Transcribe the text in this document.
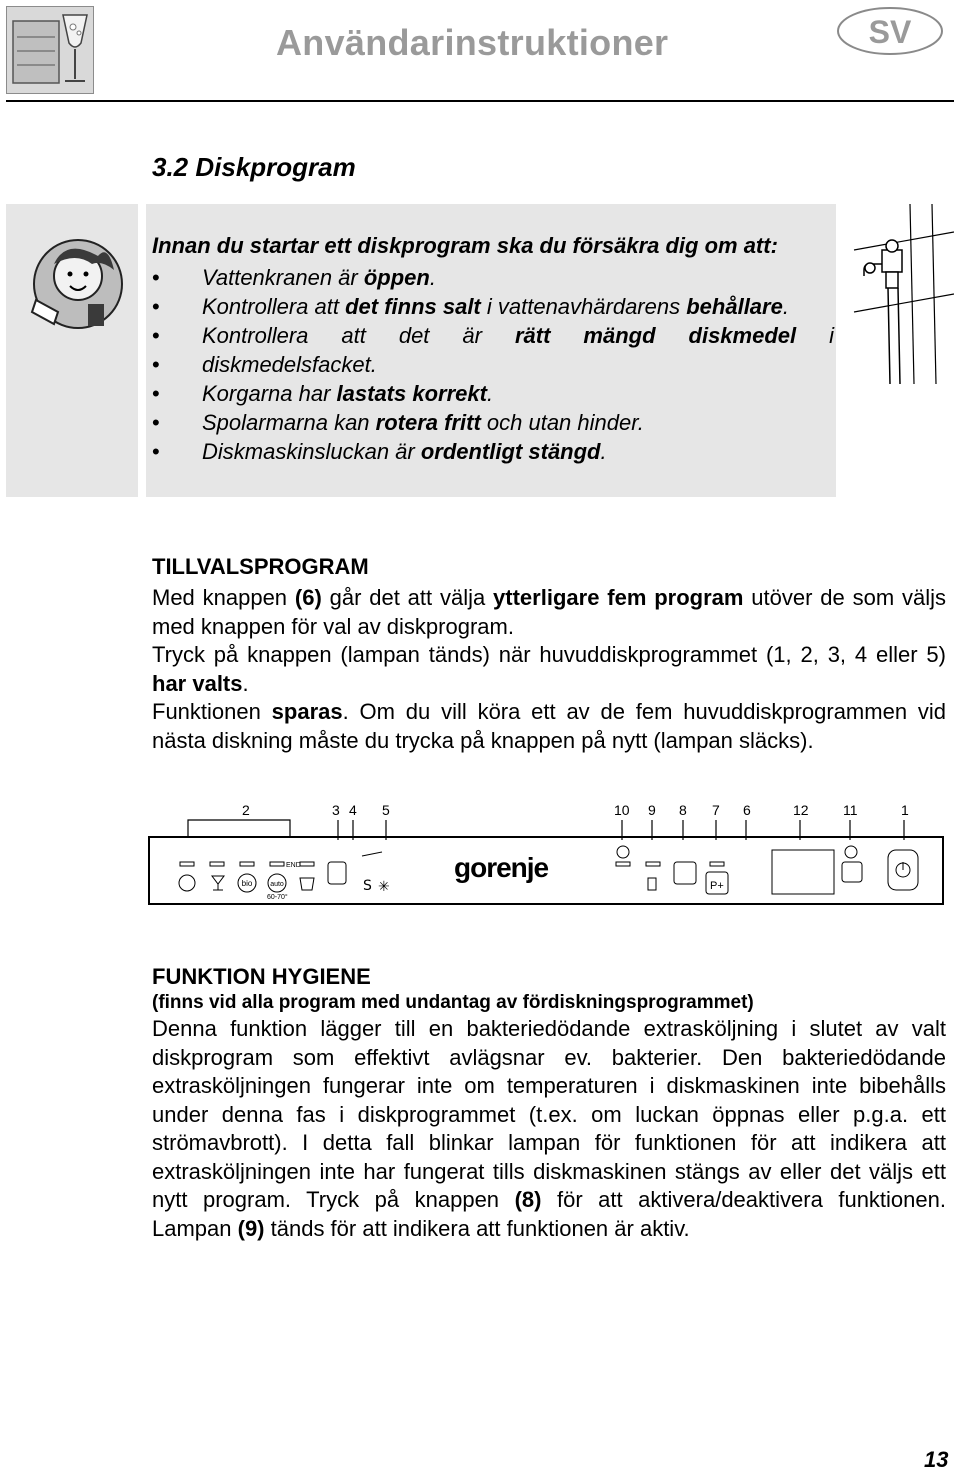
Användarinstruktioner	SV
3.2 Diskprogram
Innan du startar ett diskprogram ska du försäkra dig om att:
• Vattenkranen är öppen.
• Kontrollera att det finns salt i vattenavhärdarens behållare.
• Kontrollera att det är rätt mängd diskmedel i
• diskmedelsfacket.
• Korgarna har lastats korrekt.
• Spolarmarna kan rotera fritt och utan hinder.
• Diskmaskinsluckan är ordentligt stängd.
TILLVALSPROGRAM
Med knappen (6) går det att välja ytterligare fem program utöver de som väljs med knappen för val av diskprogram.
Tryck på knappen (lampan tänds) när huvuddiskprogrammet (1, 2, 3, 4 eller 5) har valts.
Funktionen sparas. Om du vill köra ett av de fem huvuddiskprogrammen vid nästa diskning måste du trycka på knappen på nytt (lampan släcks).
2	3 4 5	10 9 8 7 6	12 11	1
END
bio	auto
60-70°
S ✳	P+
gorenje
FUNKTION HYGIENE
(finns vid alla program med undantag av fördiskningsprogrammet)
Denna funktion lägger till en bakteriedödande extrasköljning i slutet av valt diskprogram som effektivt avlägsnar ev. bakterier. Den bakteriedödande extrasköljningen fungerar inte om temperaturen i diskmaskinen inte bibehålls under denna fas i diskprogrammet (t.ex. om luckan öppnas eller p.g.a. ett strömavbrott). I detta fall blinkar lampan för funktionen för att indikera att extrasköljningen inte har fungerat tills diskmaskinen stängs av eller det väljs ett nytt program. Tryck på knappen (8) för att aktivera/deaktivera funktionen. Lampan (9) tänds för att indikera att funktionen är aktiv.
13
